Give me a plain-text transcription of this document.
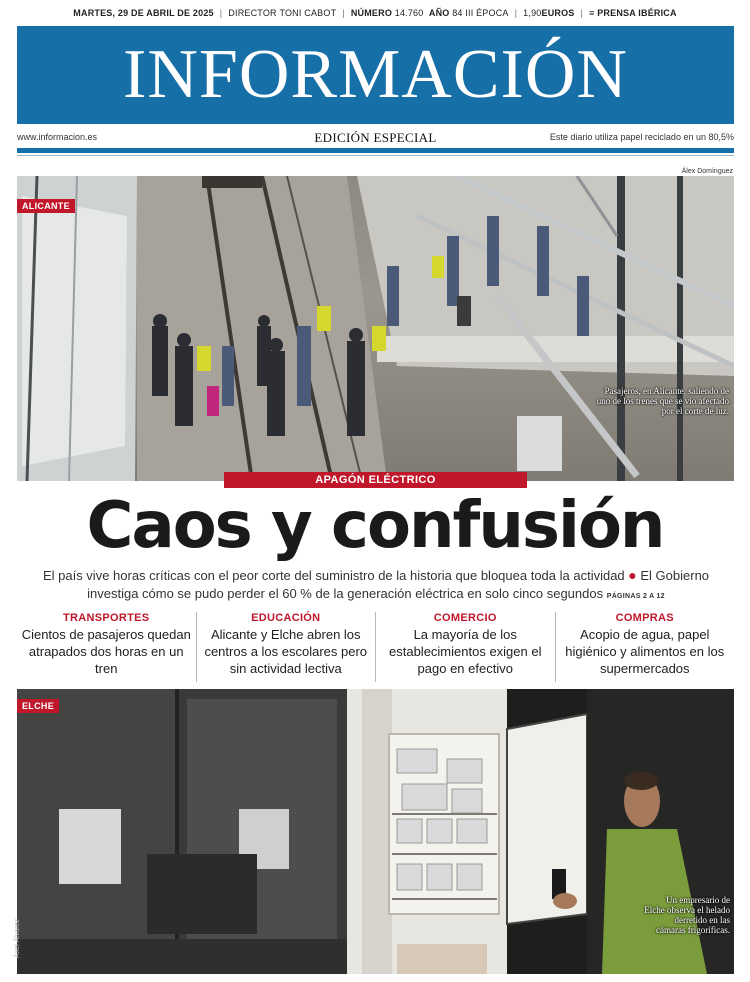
MARTES, 29 DE ABRIL DE 2025 | DIRECTOR TONI CABOT | NÚMERO 14.760 AÑO 84 III ÉPOCA | 1,90EUROS | ≡ PRENSA IBÉRICA
INFORMACIÓN
www.informacion.es	EDICIÓN ESPECIAL	Este diario utiliza papel reciclado en un 80,5%
Álex Domínguez
ALICANTE
Pasajeros, en Alicante, saliendo de uno de los trenes que se vio afectado por el corte de luz.
APAGÓN ELÉCTRICO
Caos y confusión
El país vive horas críticas con el peor corte del suministro de la historia que bloquea toda la actividad ● El Gobierno investiga cómo se pudo perder el 60 % de la generación eléctrica en solo cinco segundos PÁGINAS 2 A 12
TRANSPORTES
Cientos de pasajeros quedan atrapados dos horas en un tren
EDUCACIÓN
Alicante y Elche abren los centros a los escolares pero sin actividad lectiva
COMERCIO
La mayoría de los establecimientos exigen el pago en efectivo
COMPRAS
Acopio de agua, papel higiénico y alimentos en los supermercados
ELCHE
Un empresario de Elche observa el helado derretido en las cámaras frigoríficas.
Áxel Álvarez
